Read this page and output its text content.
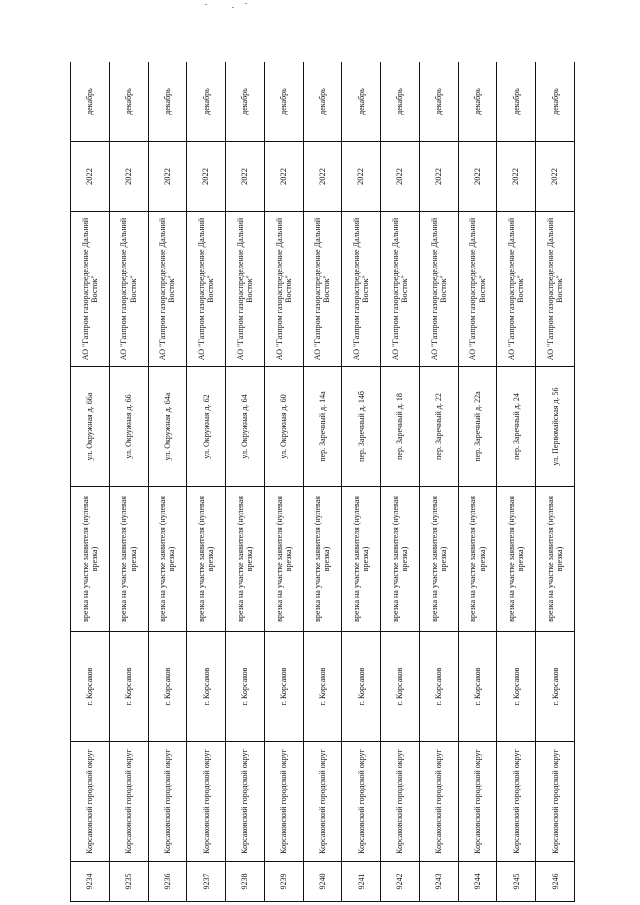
9234	Корсаковский городской округ	г. Корсаков	врезка на участке заявителя (нулевая врезка)	ул. Окружная д. 66а	АО "Газпром газораспределение Дальний Восток"	2022	декабрь
9235	Корсаковский городской округ	г. Корсаков	врезка на участке заявителя (нулевая врезка)	ул. Окружная д. 66	АО "Газпром газораспределение Дальний Восток"	2022	декабрь
9236	Корсаковский городской округ	г. Корсаков	врезка на участке заявителя (нулевая врезка)	ул. Окружная д. 64а	АО "Газпром газораспределение Дальний Восток"	2022	декабрь
9237	Корсаковский городской округ	г. Корсаков	врезка на участке заявителя (нулевая врезка)	ул. Окружная д. 62	АО "Газпром газораспределение Дальний Восток"	2022	декабрь
9238	Корсаковский городской округ	г. Корсаков	врезка на участке заявителя (нулевая врезка)	ул. Окружная д. 64	АО "Газпром газораспределение Дальний Восток"	2022	декабрь
9239	Корсаковский городской округ	г. Корсаков	врезка на участке заявителя (нулевая врезка)	ул. Окружная д. 60	АО "Газпром газораспределение Дальний Восток"	2022	декабрь
9240	Корсаковский городской округ	г. Корсаков	врезка на участке заявителя (нулевая врезка)	пер. Заречный д. 14а	АО "Газпром газораспределение Дальний Восток"	2022	декабрь
9241	Корсаковский городской округ	г. Корсаков	врезка на участке заявителя (нулевая врезка)	пер. Заречный д. 14б	АО "Газпром газораспределение Дальний Восток"	2022	декабрь
9242	Корсаковский городской округ	г. Корсаков	врезка на участке заявителя (нулевая врезка)	пер. Заречный д. 18	АО "Газпром газораспределение Дальний Восток"	2022	декабрь
9243	Корсаковский городской округ	г. Корсаков	врезка на участке заявителя (нулевая врезка)	пер. Заречный д. 22	АО "Газпром газораспределение Дальний Восток"	2022	декабрь
9244	Корсаковский городской округ	г. Корсаков	врезка на участке заявителя (нулевая врезка)	пер. Заречный д. 22а	АО "Газпром газораспределение Дальний Восток"	2022	декабрь
9245	Корсаковский городской округ	г. Корсаков	врезка на участке заявителя (нулевая врезка)	пер. Заречный д. 24	АО "Газпром газораспределение Дальний Восток"	2022	декабрь
9246	Корсаковский городской округ	г. Корсаков	врезка на участке заявителя (нулевая врезка)	ул. Первомайская д. 56	АО "Газпром газораспределение Дальний Восток"	2022	декабрь
